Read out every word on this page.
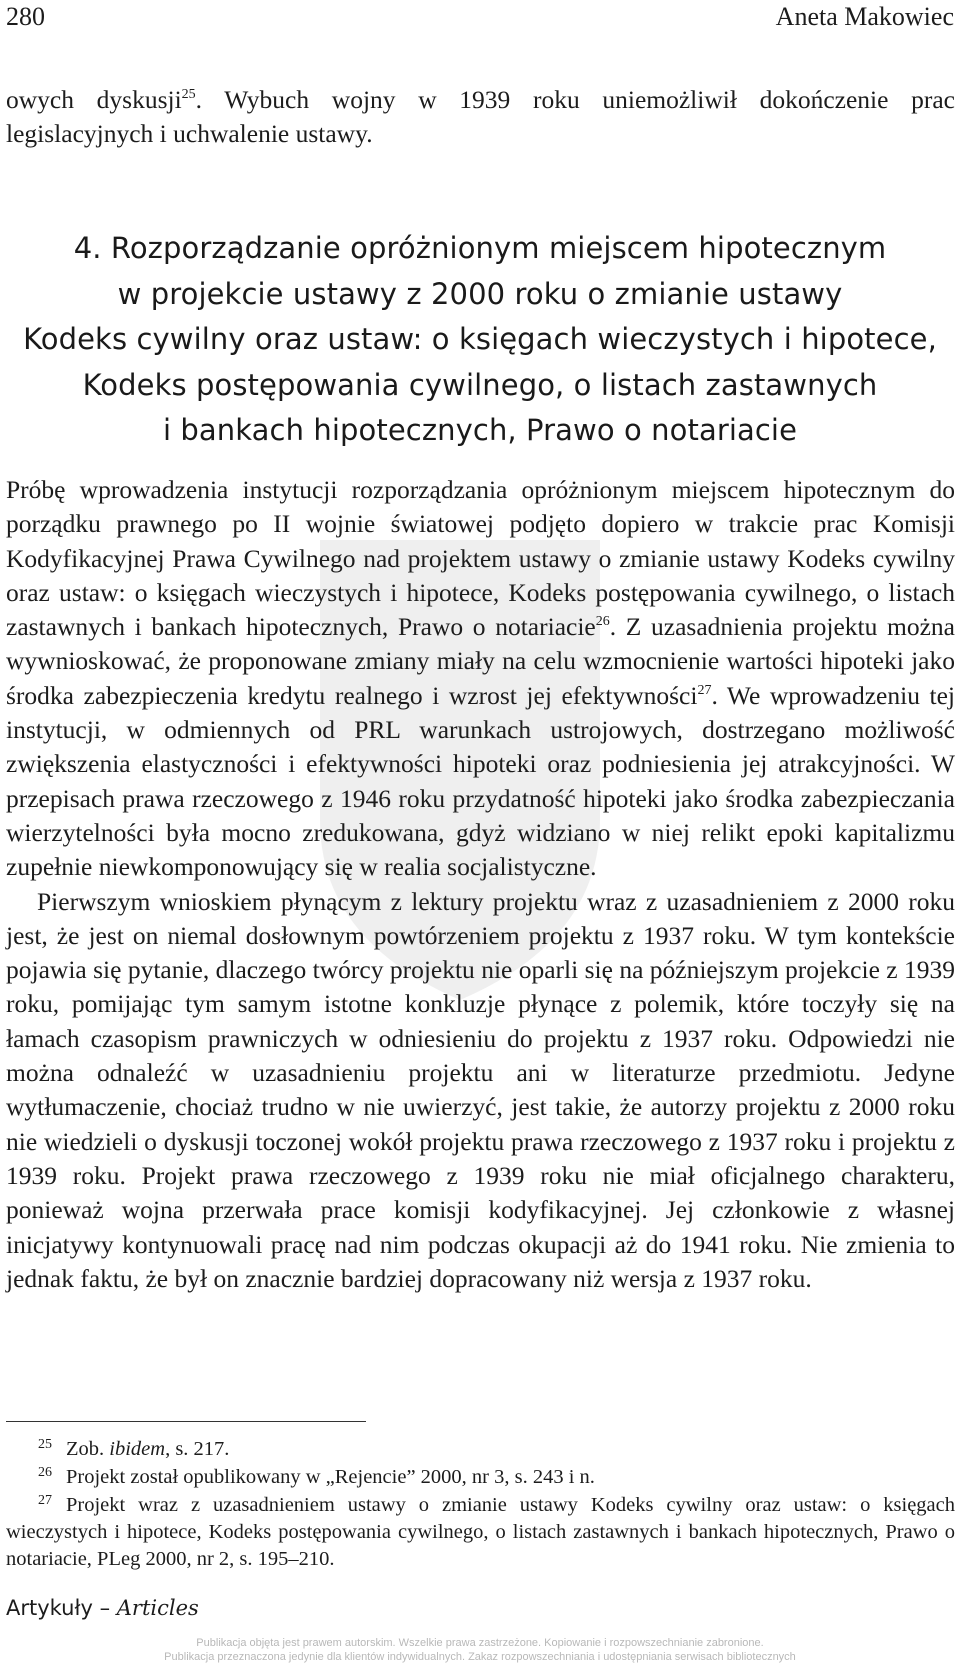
280	Aneta Makowiec

owych dyskusji$^{25}$. Wybuch wojny w 1939 roku uniemożliwił dokończenie prac legislacyjnych i uchwalenie ustawy.

4. Rozporządzanie opróżnionym miejscem hipotecznym
w projekcie ustawy z 2000 roku o zmianie ustawy
Kodeks cywilny oraz ustaw: o księgach wieczystych i hipotece,
Kodeks postępowania cywilnego, o listach zastawnych
i bankach hipotecznych, Prawo o notariacie

Próbę wprowadzenia instytucji rozporządzania opróżnionym miejscem hipotecznym do porządku prawnego po II wojnie światowej podjęto dopiero w trakcie prac Komisji Kodyfikacyjnej Prawa Cywilnego nad projektem ustawy o zmianie ustawy Kodeks cywilny oraz ustaw: o księgach wieczystych i hipotece, Kodeks postępowania cywilnego, o listach zastawnych i bankach hipotecznych, Prawo o notariacie$^{26}$. Z uzasadnienia projektu można wywnioskować, że proponowane zmiany miały na celu wzmocnienie wartości hipoteki jako środka zabezpieczenia kredytu realnego i wzrost jej efektywności$^{27}$. We wprowadzeniu tej instytucji, w odmiennych od PRL warunkach ustrojowych, dostrzegano możliwość zwiększenia elastyczności i efektywności hipoteki oraz podniesienia jej atrakcyjności. W przepisach prawa rzeczowego z 1946 roku przydatność hipoteki jako środka zabezpieczania wierzytelności była mocno zredukowana, gdyż widziano w niej relikt epoki kapitalizmu zupełnie niewkomponowujący się w realia socjalistyczne.

Pierwszym wnioskiem płynącym z lektury projektu wraz z uzasadnieniem z 2000 roku jest, że jest on niemal dosłownym powtórzeniem projektu z 1937 roku. W tym kontekście pojawia się pytanie, dlaczego twórcy projektu nie oparli się na późniejszym projekcie z 1939 roku, pomijając tym samym istotne konkluzje płynące z polemik, które toczyły się na łamach czasopism prawniczych w odniesieniu do projektu z 1937 roku. Odpowiedzi nie można odnaleźć w uzasadnieniu projektu ani w literaturze przedmiotu. Jedyne wytłumaczenie, chociaż trudno w nie uwierzyć, jest takie, że autorzy projektu z 2000 roku nie wiedzieli o dyskusji toczonej wokół projektu prawa rzeczowego z 1937 roku i projektu z 1939 roku. Projekt prawa rzeczowego z 1939 roku nie miał oficjalnego charakteru, ponieważ wojna przerwała prace komisji kodyfikacyjnej. Jej członkowie z własnej inicjatywy kontynuowali pracę nad nim podczas okupacji aż do 1941 roku. Nie zmienia to jednak faktu, że był on znacznie bardziej dopracowany niż wersja z 1937 roku.

25 Zob. ibidem, s. 217.

26 Projekt został opublikowany w „Rejencie” 2000, nr 3, s. 243 i n.

27 Projekt wraz z uzasadnieniem ustawy o zmianie ustawy Kodeks cywilny oraz ustaw: o księgach wieczystych i hipotece, Kodeks postępowania cywilnego, o listach zastawnych i bankach hipotecznych, Prawo o notariacie, PLeg 2000, nr 2, s. 195–210.

Artykuły – Articles
Publikacja objęta jest prawem autorskim. Wszelkie prawa zastrzeżone. Kopiowanie i rozpowszechnianie zabronione.
Publikacja przeznaczona jedynie dla klientów indywidualnych. Zakaz rozpowszechniania i udostępniania serwisach bibliotecznych
